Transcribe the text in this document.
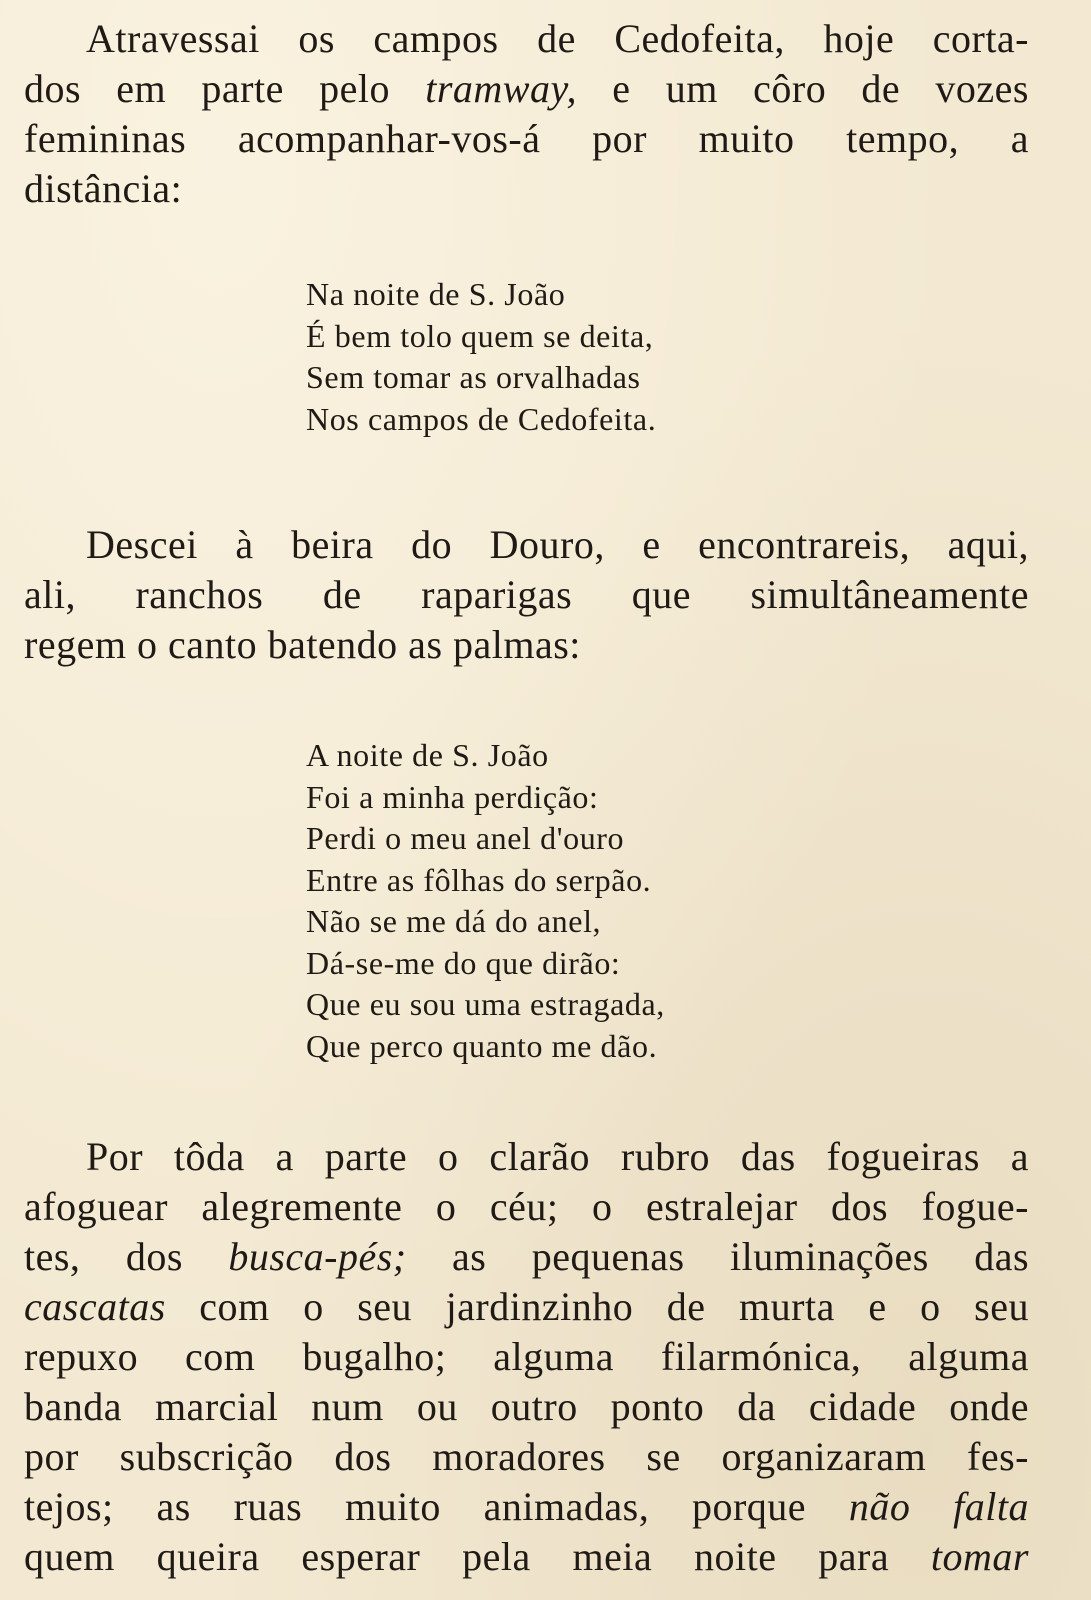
Atravessai os campos de Cedofeita, hoje corta-
dos em parte pelo tramway, e um côro de vozes
femininas acompanhar-vos-á por muito tempo, a
distância:
Na noite de S. João
É bem tolo quem se deita,
Sem tomar as orvalhadas
Nos campos de Cedofeita.
Descei à beira do Douro, e encontrareis, aqui,
ali, ranchos de raparigas que simultâneamente
regem o canto batendo as palmas:
A noite de S. João
Foi a minha perdição:
Perdi o meu anel d'ouro
Entre as fôlhas do serpão.
Não se me dá do anel,
Dá-se-me do que dirão:
Que eu sou uma estragada,
Que perco quanto me dão.
Por tôda a parte o clarão rubro das fogueiras a
afoguear alegremente o céu; o estralejar dos fogue-
tes, dos busca-pés; as pequenas iluminações das
cascatas com o seu jardinzinho de murta e o seu
repuxo com bugalho; alguma filarmónica, alguma
banda marcial num ou outro ponto da cidade onde
por subscrição dos moradores se organizaram fes-
tejos; as ruas muito animadas, porque não falta
quem queira esperar pela meia noite para tomar
